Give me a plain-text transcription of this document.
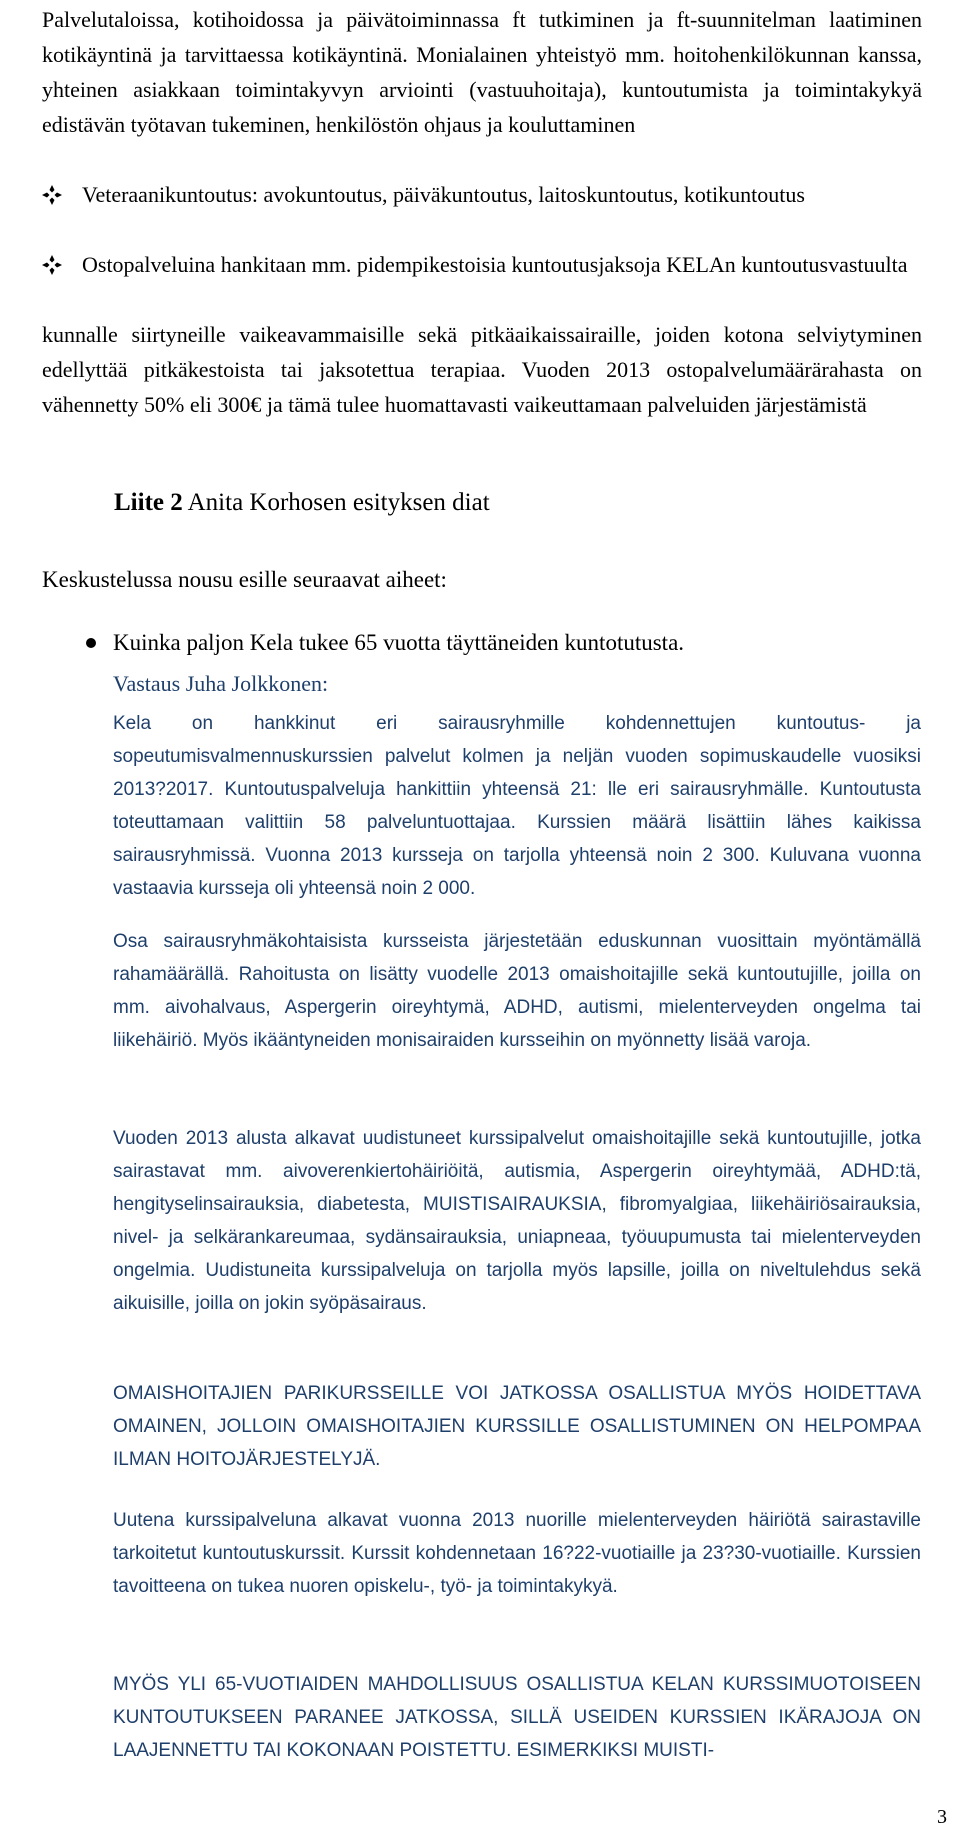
Palvelutaloissa, kotihoidossa ja päivätoiminnassa ft tutkiminen ja ft-suunnitelman laatiminen kotikäyntinä ja tarvittaessa kotikäyntinä. Monialainen yhteistyö mm. hoitohenkilökunnan kanssa, yhteinen asiakkaan toimintakyvyn arviointi (vastuuhoitaja), kuntoutumista ja toimintakykyä edistävän työtavan tukeminen, henkilöstön ohjaus ja kouluttaminen
Veteraanikuntoutus: avokuntoutus, päiväkuntoutus, laitoskuntoutus, kotikuntoutus
Ostopalveluina hankitaan mm. pidempikestoisia kuntoutusjaksoja KELAn kuntoutusvastuulta
kunnalle siirtyneille vaikeavammaisille sekä pitkäaikaissairaille, joiden kotona selviytyminen edellyttää pitkäkestoista tai jaksotettua terapiaa. Vuoden 2013 ostopalvelumäärärahasta on vähennetty 50% eli 300€ ja tämä tulee huomattavasti vaikeuttamaan palveluiden järjestämistä
Liite 2 Anita Korhosen esityksen diat
Keskustelussa nousu esille seuraavat aiheet:
Kuinka paljon Kela tukee 65 vuotta täyttäneiden kuntotutusta.
Vastaus Juha Jolkkonen:
Kela on hankkinut eri sairausryhmille kohdennettujen kuntoutus- ja sopeutumisvalmennuskurssien palvelut kolmen ja neljän vuoden sopimuskaudelle vuosiksi 2013?2017. Kuntoutuspalveluja hankittiin yhteensä 21: lle eri sairausryhmälle. Kuntoutusta toteuttamaan valittiin 58 palveluntuottajaa. Kurssien määrä lisättiin lähes kaikissa sairausryhmissä. Vuonna 2013 kursseja on tarjolla yhteensä noin 2 300. Kuluvana vuonna vastaavia kursseja oli yhteensä noin 2 000.
Osa sairausryhmäkohtaisista kursseista järjestetään eduskunnan vuosittain myöntämällä rahamäärällä. Rahoitusta on lisätty vuodelle 2013 omaishoitajille sekä kuntoutujille, joilla on mm. aivohalvaus, Aspergerin oireyhtymä, ADHD, autismi, mielenterveyden ongelma tai liikehäiriö. Myös ikääntyneiden monisairaiden kursseihin on myönnetty lisää varoja.
Vuoden 2013 alusta alkavat uudistuneet kurssipalvelut omaishoitajille sekä kuntoutujille, jotka sairastavat mm. aivoverenkiertohäiriöitä, autismia, Aspergerin oireyhtymää, ADHD:tä, hengityselinsairauksia, diabetesta, MUISTISAIRAUKSIA, fibromyalgiaa, liikehäiriösairauksia, nivel- ja selkärankareumaa, sydänsairauksia, uniapneaa, työuupumusta tai mielenterveyden ongelmia. Uudistuneita kurssipalveluja on tarjolla myös lapsille, joilla on niveltulehdus sekä aikuisille, joilla on jokin syöpäsairaus.
OMAISHOITAJIEN PARIKURSSEILLE VOI JATKOSSA OSALLISTUA MYÖS HOIDETTAVA OMAINEN, JOLLOIN OMAISHOITAJIEN KURSSILLE OSALLISTUMINEN ON HELPOMPAA ILMAN HOITOJÄRJESTELYJÄ.
Uutena kurssipalveluna alkavat vuonna 2013 nuorille mielenterveyden häiriötä sairastaville tarkoitetut kuntoutuskurssit. Kurssit kohdennetaan 16?22-vuotiaille ja 23?30-vuotiaille. Kurssien tavoitteena on tukea nuoren opiskelu-, työ- ja toimintakykyä.
MYÖS YLI 65-VUOTIAIDEN MAHDOLLISUUS OSALLISTUA KELAN KURSSIMUOTOISEEN KUNTOUTUKSEEN PARANEE JATKOSSA, SILLÄ USEIDEN KURSSIEN IKÄRAJOJA ON LAAJENNETTU TAI KOKONAAN POISTETTU. ESIMERKIKSI MUISTI-
3
